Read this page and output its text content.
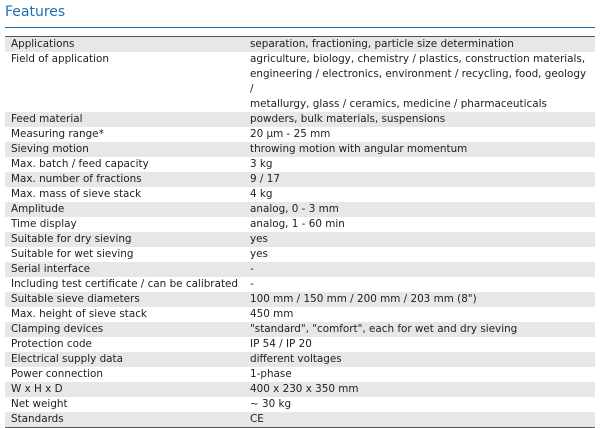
Features
Applications	separation, fractioning, particle size determination

Field of application	agriculture, biology, chemistry / plastics, construction materials,
engineering / electronics, environment / recycling, food, geology /
metallurgy, glass / ceramics, medicine / pharmaceuticals

Feed material	powders, bulk materials, suspensions

Measuring range*	20 µm - 25 mm

Sieving motion	throwing motion with angular momentum

Max. batch / feed capacity	3 kg

Max. number of fractions	9 / 17

Max. mass of sieve stack	4 kg

Amplitude	analog, 0 - 3 mm

Time display	analog, 1 - 60 min

Suitable for dry sieving	yes

Suitable for wet sieving	yes

Serial interface	-

Including test certificate / can be calibrated	-

Suitable sieve diameters	100 mm / 150 mm / 200 mm / 203 mm (8")

Max. height of sieve stack	450 mm

Clamping devices	"standard", "comfort", each for wet and dry sieving

Protection code	IP 54 / IP 20

Electrical supply data	different voltages

Power connection	1-phase

W x H x D	400 x 230 x 350 mm

Net weight	~ 30 kg

Standards	CE
